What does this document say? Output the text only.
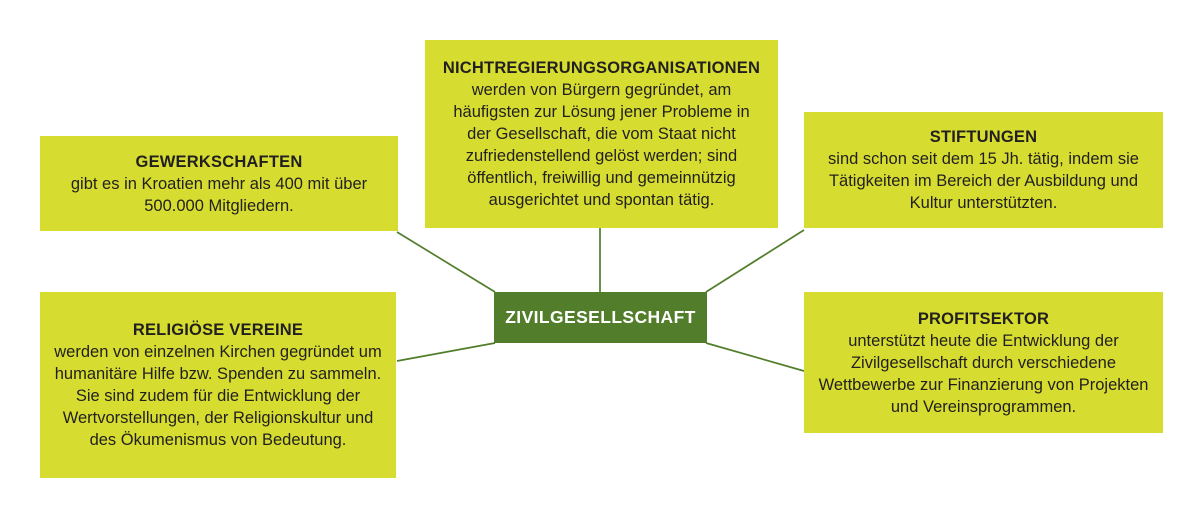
GEWERKSCHAFTEN
gibt es in Kroatien mehr als 400 mit über 500.000 Mitgliedern.
NICHTREGIERUNGSORGANISATIONEN
werden von Bürgern gegründet, am häufigsten zur Lösung jener Probleme in der Gesellschaft, die vom Staat nicht zufriedenstellend gelöst werden; sind öffentlich, freiwillig und gemeinnützig ausgerichtet und spontan tätig.
STIFTUNGEN
sind schon seit dem 15 Jh. tätig, indem sie Tätigkeiten im Bereich der Ausbildung und Kultur unterstützten.
RELIGIÖSE VEREINE
werden von einzelnen Kirchen gegründet um humanitäre Hilfe bzw. Spenden zu sammeln. Sie sind zudem für die Entwicklung der Wertvorstellungen, der Religionskultur und des Ökumenismus von Bedeutung.
PROFITSEKTOR
unterstützt heute die Entwicklung der Zivilgesellschaft durch verschiedene Wettbewerbe zur Finanzierung von Projekten und Vereinsprogrammen.
ZIVILGESELLSCHAFT
